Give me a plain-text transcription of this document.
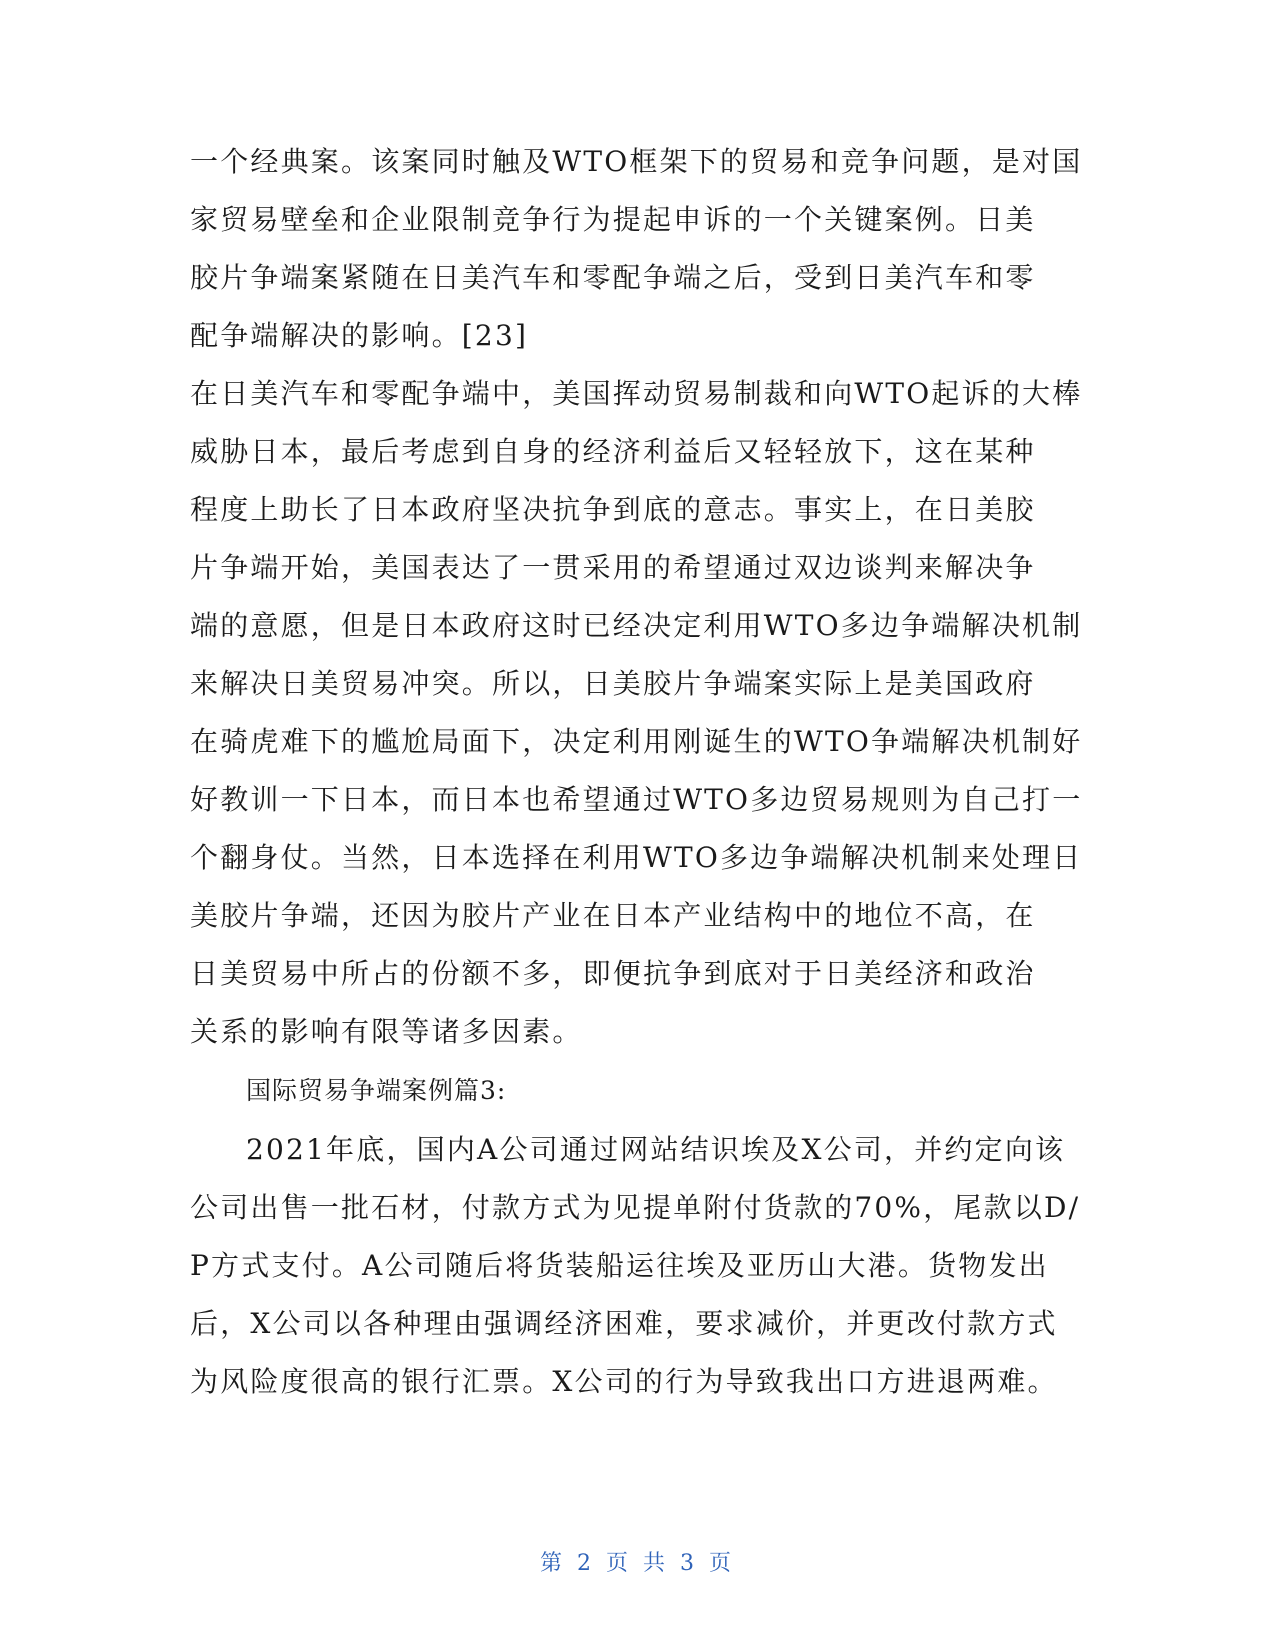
一个经典案。该案同时触及WTO框架下的贸易和竞争问题，是对国
家贸易壁垒和企业限制竞争行为提起申诉的一个关键案例。日美
胶片争端案紧随在日美汽车和零配争端之后，受到日美汽车和零
配争端解决的影响。[23]
在日美汽车和零配争端中，美国挥动贸易制裁和向WTO起诉的大棒
威胁日本，最后考虑到自身的经济利益后又轻轻放下，这在某种
程度上助长了日本政府坚决抗争到底的意志。事实上，在日美胶
片争端开始，美国表达了一贯采用的希望通过双边谈判来解决争
端的意愿，但是日本政府这时已经决定利用WTO多边争端解决机制
来解决日美贸易冲突。所以，日美胶片争端案实际上是美国政府
在骑虎难下的尴尬局面下，决定利用刚诞生的WTO争端解决机制好
好教训一下日本，而日本也希望通过WTO多边贸易规则为自己打一
个翻身仗。当然，日本选择在利用WTO多边争端解决机制来处理日
美胶片争端，还因为胶片产业在日本产业结构中的地位不高，在
日美贸易中所占的份额不多，即便抗争到底对于日美经济和政治
关系的影响有限等诸多因素。
国际贸易争端案例篇3:
2021年底，国内A公司通过网站结识埃及X公司，并约定向该
公司出售一批石材，付款方式为见提单附付货款的70%，尾款以D/
P方式支付。A公司随后将货装船运往埃及亚历山大港。货物发出
后，X公司以各种理由强调经济困难，要求减价，并更改付款方式
为风险度很高的银行汇票。X公司的行为导致我出口方进退两难。
第 2 页 共 3 页
